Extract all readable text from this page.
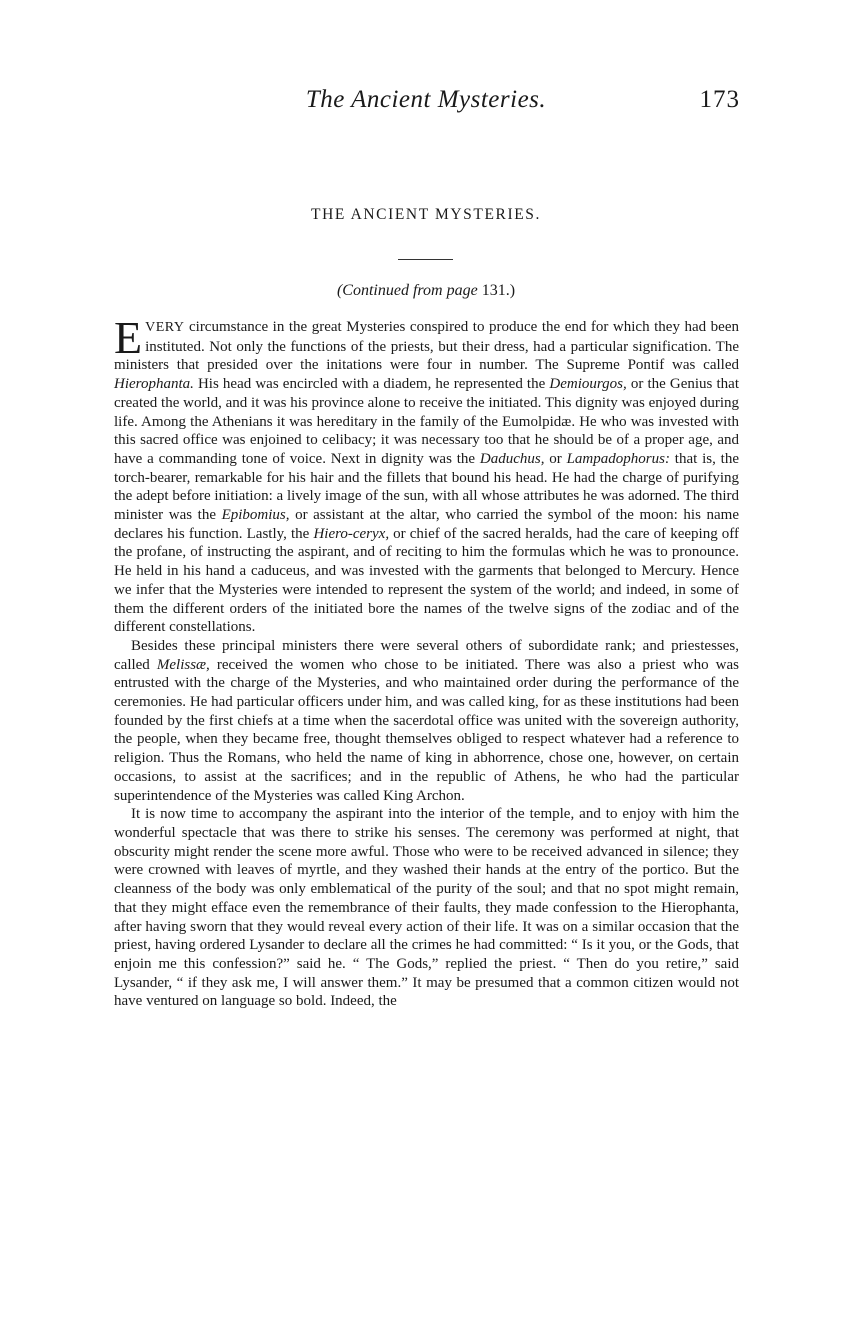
The Ancient Mysteries.	173
THE ANCIENT MYSTERIES.
(Continued from page 131.)

EVERY circumstance in the great Mysteries conspired to produce the end for which they had been instituted. Not only the functions of the priests, but their dress, had a particular signification. The ministers that presided over the initations were four in number. The Supreme Pontif was called Hierophanta. His head was encircled with a diadem, he represented the Demiourgos, or the Genius that created the world, and it was his province alone to receive the initiated. This dignity was enjoyed during life. Among the Athenians it was hereditary in the family of the Eumolpidæ. He who was invested with this sacred office was enjoined to celibacy; it was necessary too that he should be of a proper age, and have a commanding tone of voice. Next in dignity was the Daduchus, or Lampadophorus: that is, the torch-bearer, remarkable for his hair and the fillets that bound his head. He had the charge of purifying the adept before initiation: a lively image of the sun, with all whose attributes he was adorned. The third minister was the Epibomius, or assistant at the altar, who carried the symbol of the moon: his name declares his function. Lastly, the Hiero-ceryx, or chief of the sacred heralds, had the care of keeping off the profane, of instructing the aspirant, and of reciting to him the formulas which he was to pronounce. He held in his hand a caduceus, and was invested with the garments that belonged to Mercury. Hence we infer that the Mysteries were intended to represent the system of the world; and indeed, in some of them the different orders of the initiated bore the names of the twelve signs of the zodiac and of the different constellations.

Besides these principal ministers there were several others of subordidate rank; and priestesses, called Melissæ, received the women who chose to be initiated. There was also a priest who was entrusted with the charge of the Mysteries, and who maintained order during the performance of the ceremonies. He had particular officers under him, and was called king, for as these institutions had been founded by the first chiefs at a time when the sacerdotal office was united with the sovereign authority, the people, when they became free, thought themselves obliged to respect whatever had a reference to religion. Thus the Romans, who held the name of king in abhorrence, chose one, however, on certain occasions, to assist at the sacrifices; and in the republic of Athens, he who had the particular superintendence of the Mysteries was called King Archon.

It is now time to accompany the aspirant into the interior of the temple, and to enjoy with him the wonderful spectacle that was there to strike his senses. The ceremony was performed at night, that obscurity might render the scene more awful. Those who were to be received advanced in silence; they were crowned with leaves of myrtle, and they washed their hands at the entry of the portico. But the cleanness of the body was only emblematical of the purity of the soul; and that no spot might remain, that they might efface even the remembrance of their faults, they made confession to the Hierophanta, after having sworn that they would reveal every action of their life. It was on a similar occasion that the priest, having ordered Lysander to declare all the crimes he had committed: “ Is it you, or the Gods, that enjoin me this confession?” said he. “ The Gods,” replied the priest. “ Then do you retire,” said Lysander, “ if they ask me, I will answer them.” It may be presumed that a common citizen would not have ventured on language so bold. Indeed, the
